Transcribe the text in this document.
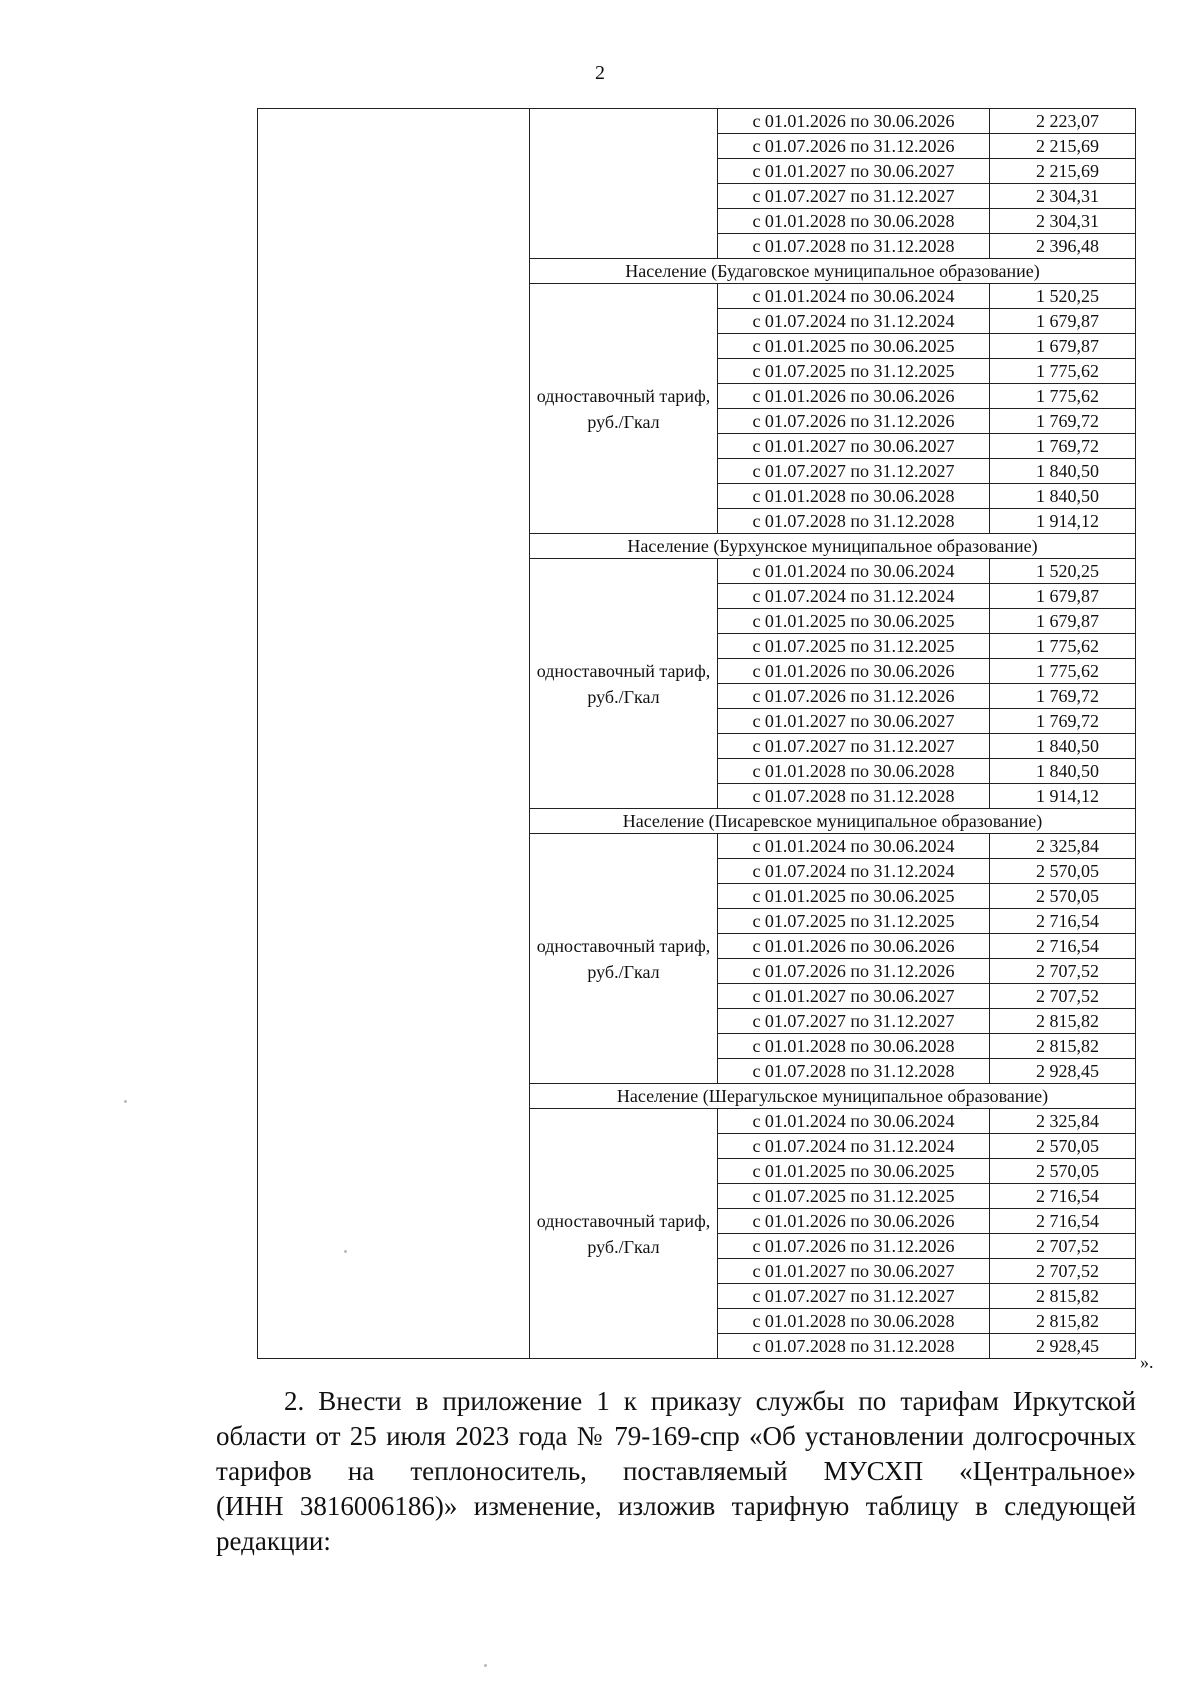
2
		с 01.01.2026 по 30.06.2026	2 223,07
		с 01.07.2026 по 31.12.2026	2 215,69
		с 01.01.2027 по 30.06.2027	2 215,69
		с 01.07.2027 по 31.12.2027	2 304,31
		с 01.01.2028 по 30.06.2028	2 304,31
		с 01.07.2028 по 31.12.2028	2 396,48
	Население (Будаговское муниципальное образование)		
	одноставочный тариф, руб./Гкал	с 01.01.2024 по 30.06.2024	1 520,25
		с 01.07.2024 по 31.12.2024	1 679,87
		с 01.01.2025 по 30.06.2025	1 679,87
		с 01.07.2025 по 31.12.2025	1 775,62
		с 01.01.2026 по 30.06.2026	1 775,62
		с 01.07.2026 по 31.12.2026	1 769,72
		с 01.01.2027 по 30.06.2027	1 769,72
		с 01.07.2027 по 31.12.2027	1 840,50
		с 01.01.2028 по 30.06.2028	1 840,50
		с 01.07.2028 по 31.12.2028	1 914,12
	Население (Бурхунское муниципальное образование)		
	одноставочный тариф, руб./Гкал	с 01.01.2024 по 30.06.2024	1 520,25
		с 01.07.2024 по 31.12.2024	1 679,87
		с 01.01.2025 по 30.06.2025	1 679,87
		с 01.07.2025 по 31.12.2025	1 775,62
		с 01.01.2026 по 30.06.2026	1 775,62
		с 01.07.2026 по 31.12.2026	1 769,72
		с 01.01.2027 по 30.06.2027	1 769,72
		с 01.07.2027 по 31.12.2027	1 840,50
		с 01.01.2028 по 30.06.2028	1 840,50
		с 01.07.2028 по 31.12.2028	1 914,12
	Население (Писаревское муниципальное образование)		
	одноставочный тариф, руб./Гкал	с 01.01.2024 по 30.06.2024	2 325,84
		с 01.07.2024 по 31.12.2024	2 570,05
		с 01.01.2025 по 30.06.2025	2 570,05
		с 01.07.2025 по 31.12.2025	2 716,54
		с 01.01.2026 по 30.06.2026	2 716,54
		с 01.07.2026 по 31.12.2026	2 707,52
		с 01.01.2027 по 30.06.2027	2 707,52
		с 01.07.2027 по 31.12.2027	2 815,82
		с 01.01.2028 по 30.06.2028	2 815,82
		с 01.07.2028 по 31.12.2028	2 928,45
	Население (Шерагульское муниципальное образование)		
	одноставочный тариф, руб./Гкал	с 01.01.2024 по 30.06.2024	2 325,84
		с 01.07.2024 по 31.12.2024	2 570,05
		с 01.01.2025 по 30.06.2025	2 570,05
		с 01.07.2025 по 31.12.2025	2 716,54
		с 01.01.2026 по 30.06.2026	2 716,54
		с 01.07.2026 по 31.12.2026	2 707,52
		с 01.01.2027 по 30.06.2027	2 707,52
		с 01.07.2027 по 31.12.2027	2 815,82
		с 01.01.2028 по 30.06.2028	2 815,82
		с 01.07.2028 по 31.12.2028	2 928,45
».
2. Внести в приложение 1 к приказу службы по тарифам Иркутской
области от 25 июля 2023 года № 79-169-спр «Об установлении долгосрочных
тарифов на теплоноситель, поставляемый МУСХП «Центральное»
(ИНН 3816006186)» изменение, изложив тарифную таблицу в следующей
редакции:
